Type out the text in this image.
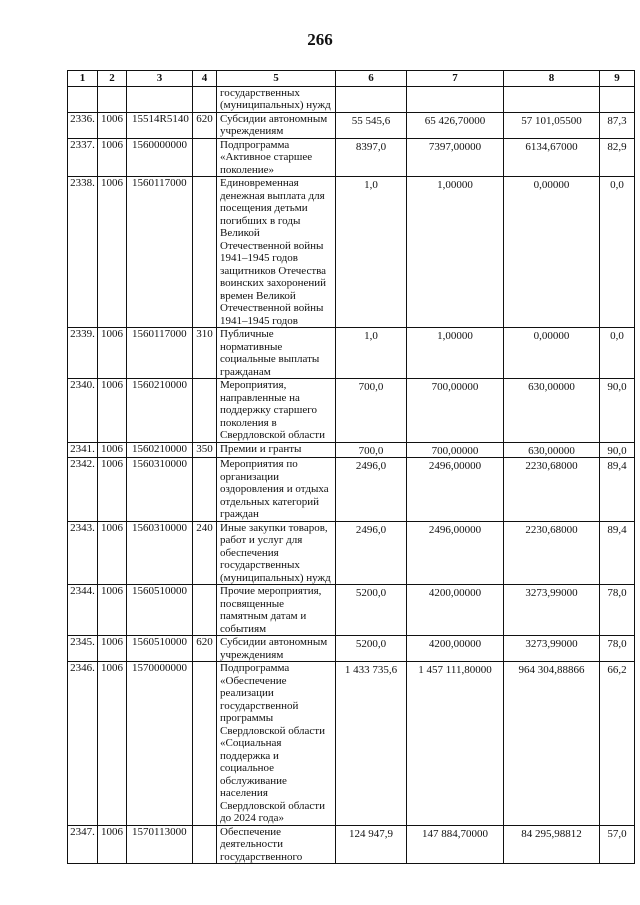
266
1	2	3	4	5	6	7	8	9
				государственных (муниципальных) нужд				
2336.	1006	15514R5140	620	Субсидии автономным учреждениям	55 545,6	65 426,70000	57 101,05500	87,3
2337.	1006	1560000000		Подпрограмма «Активное старшее поколение»	8397,0	7397,00000	6134,67000	82,9
2338.	1006	1560117000		Единовременная денежная выплата для посещения детьми погибших в годы Великой Отечественной войны 1941–1945 годов защитников Отечества воинских захоронений времен Великой Отечественной войны 1941–1945 годов	1,0	1,00000	0,00000	0,0
2339.	1006	1560117000	310	Публичные нормативные социальные выплаты гражданам	1,0	1,00000	0,00000	0,0
2340.	1006	1560210000		Мероприятия, направленные на поддержку старшего поколения в Свердловской области	700,0	700,00000	630,00000	90,0
2341.	1006	1560210000	350	Премии и гранты	700,0	700,00000	630,00000	90,0
2342.	1006	1560310000		Мероприятия по организации оздоровления и отдыха отдельных категорий граждан	2496,0	2496,00000	2230,68000	89,4
2343.	1006	1560310000	240	Иные закупки товаров, работ и услуг для обеспечения государственных (муниципальных) нужд	2496,0	2496,00000	2230,68000	89,4
2344.	1006	1560510000		Прочие мероприятия, посвященные памятным датам и событиям	5200,0	4200,00000	3273,99000	78,0
2345.	1006	1560510000	620	Субсидии автономным учреждениям	5200,0	4200,00000	3273,99000	78,0
2346.	1006	1570000000		Подпрограмма «Обеспечение реализации государственной программы Свердловской области «Социальная поддержка и социальное обслуживание населения Свердловской области до 2024 года»	1 433 735,6	1 457 111,80000	964 304,88866	66,2
2347.	1006	1570113000		Обеспечение деятельности государственного	124 947,9	147 884,70000	84 295,98812	57,0
